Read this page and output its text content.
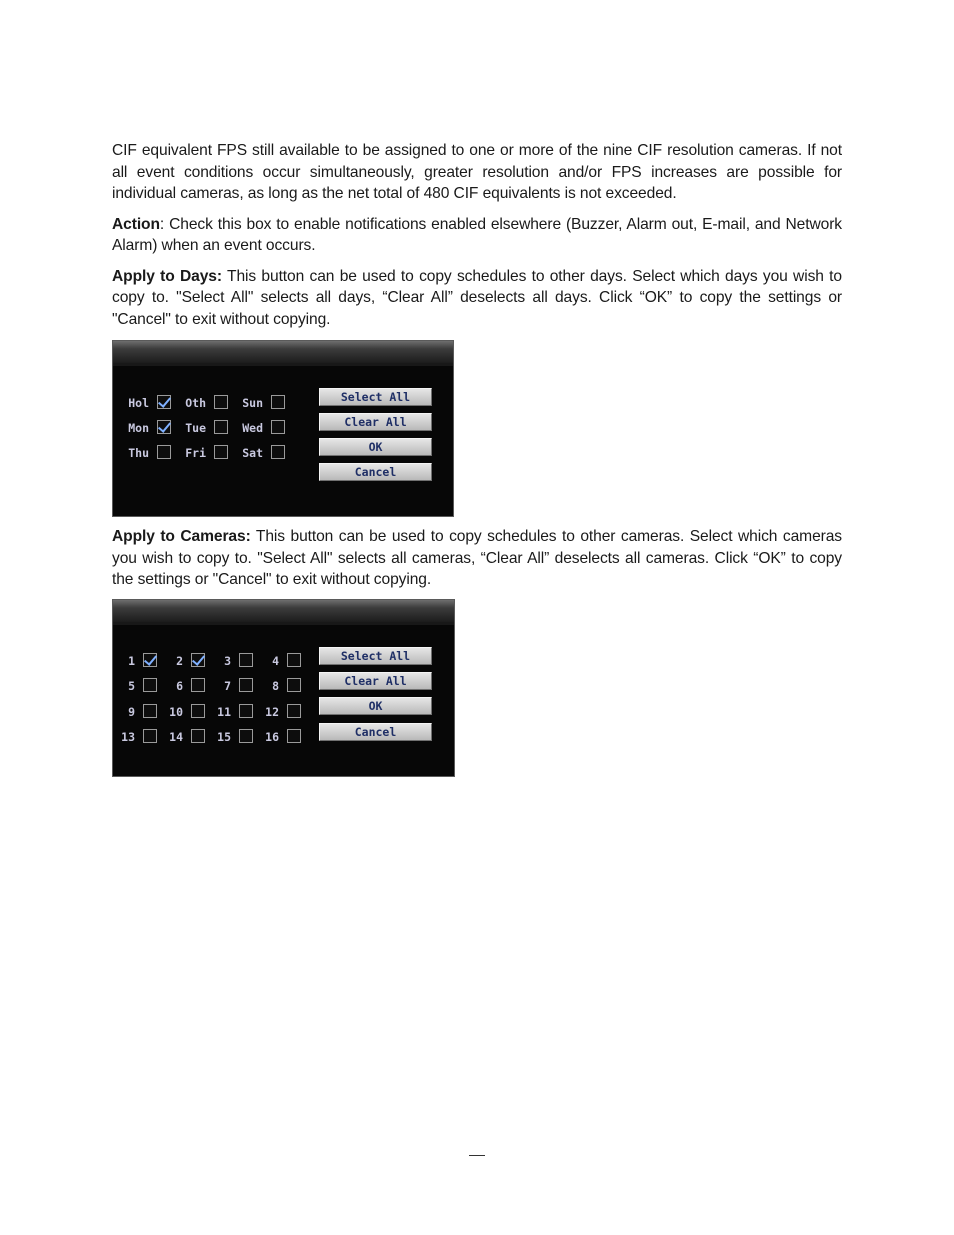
CIF equivalent FPS still available to be assigned to one or more of the nine CIF resolution cameras. If not all event conditions occur simultaneously, greater resolution and/or FPS increases are possible for individual cameras, as long as the net total of 480 CIF equivalents is not exceeded.

Action: Check this box to enable notifications enabled elsewhere (Buzzer, Alarm out, E-mail, and Network Alarm) when an event occurs.

Apply to Days: This button can be used to copy schedules to other days. Select which days you wish to copy to. "Select All" selects all days, “Clear All” deselects all days. Click “OK” to copy the settings or "Cancel" to exit without copying.

Select All
Clear All
OK
Cancel
Hol	Oth	Sun
Mon	Tue	Wed
Thu	Fri	Sat

Apply to Cameras: This button can be used to copy schedules to other cameras. Select which cameras you wish to copy to. "Select All" selects all cameras, “Clear All” deselects all cameras. Click “OK” to copy the settings or "Cancel" to exit without copying.

Select All
Clear All
OK
Cancel
1	2	3	4
5	6	7	8
9	10	11	12
13	14	15	16
